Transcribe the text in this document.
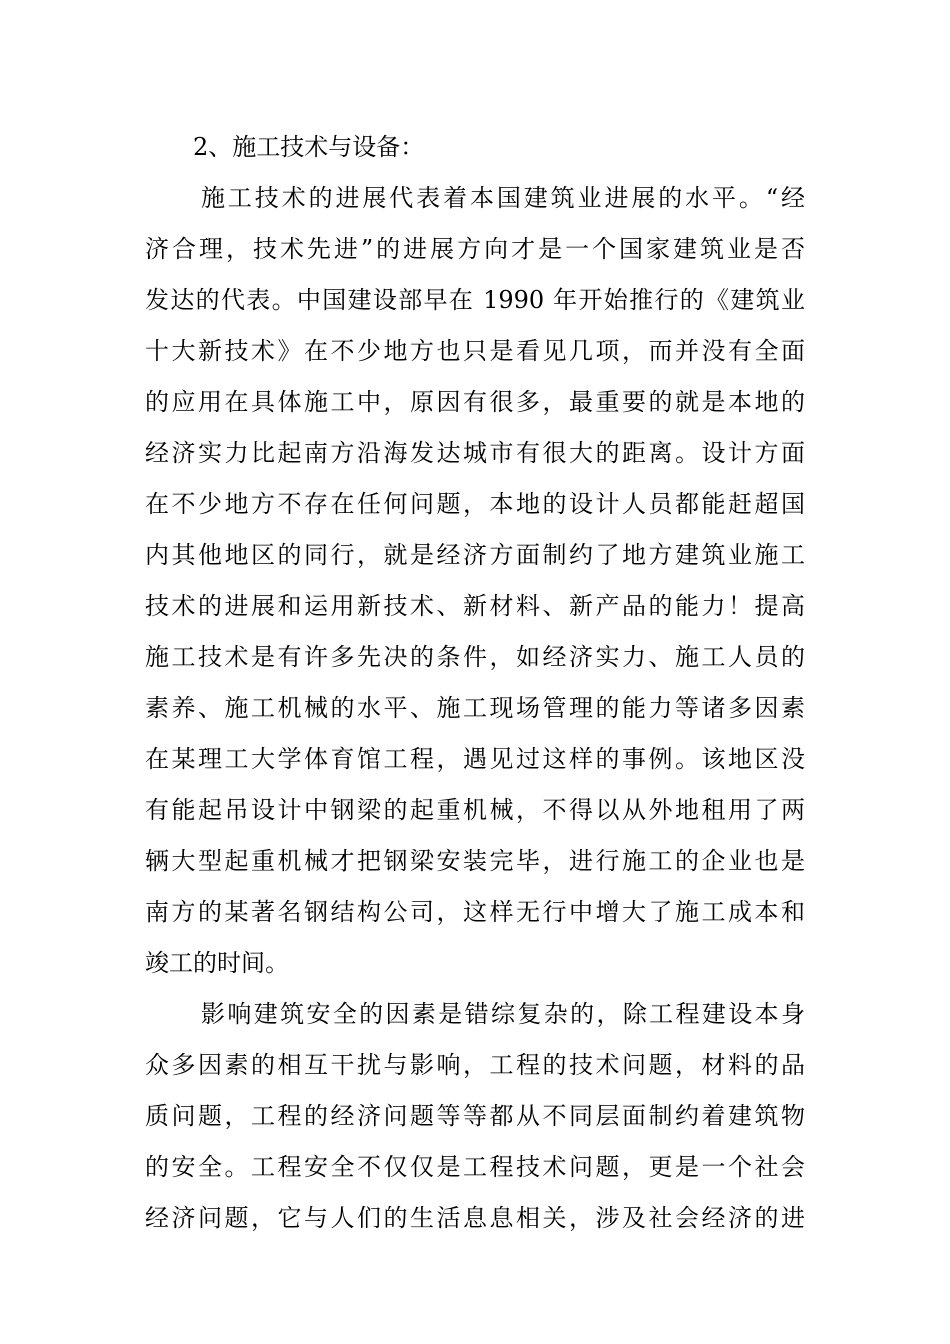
2、施工技术与设备：
施工技术的进展代表着本国建筑业进展的水平。“经
济合理，技术先进”的进展方向才是一个国家建筑业是否
发达的代表。中国建设部早在 1990 年开始推行的《建筑业
十大新技术》在不少地方也只是看见几项，而并没有全面
的应用在具体施工中，原因有很多，最重要的就是本地的
经济实力比起南方沿海发达城市有很大的距离。设计方面
在不少地方不存在任何问题，本地的设计人员都能赶超国
内其他地区的同行，就是经济方面制约了地方建筑业施工
技术的进展和运用新技术、新材料、新产品的能力！提高
施工技术是有许多先决的条件，如经济实力、施工人员的
素养、施工机械的水平、施工现场管理的能力等诸多因素
在某理工大学体育馆工程，遇见过这样的事例。该地区没
有能起吊设计中钢梁的起重机械，不得以从外地租用了两
辆大型起重机械才把钢梁安装完毕，进行施工的企业也是
南方的某著名钢结构公司，这样无行中增大了施工成本和
竣工的时间。
影响建筑安全的因素是错综复杂的，除工程建设本身
众多因素的相互干扰与影响，工程的技术问题，材料的品
质问题，工程的经济问题等等都从不同层面制约着建筑物
的安全。工程安全不仅仅是工程技术问题，更是一个社会
经济问题，它与人们的生活息息相关，涉及社会经济的进
